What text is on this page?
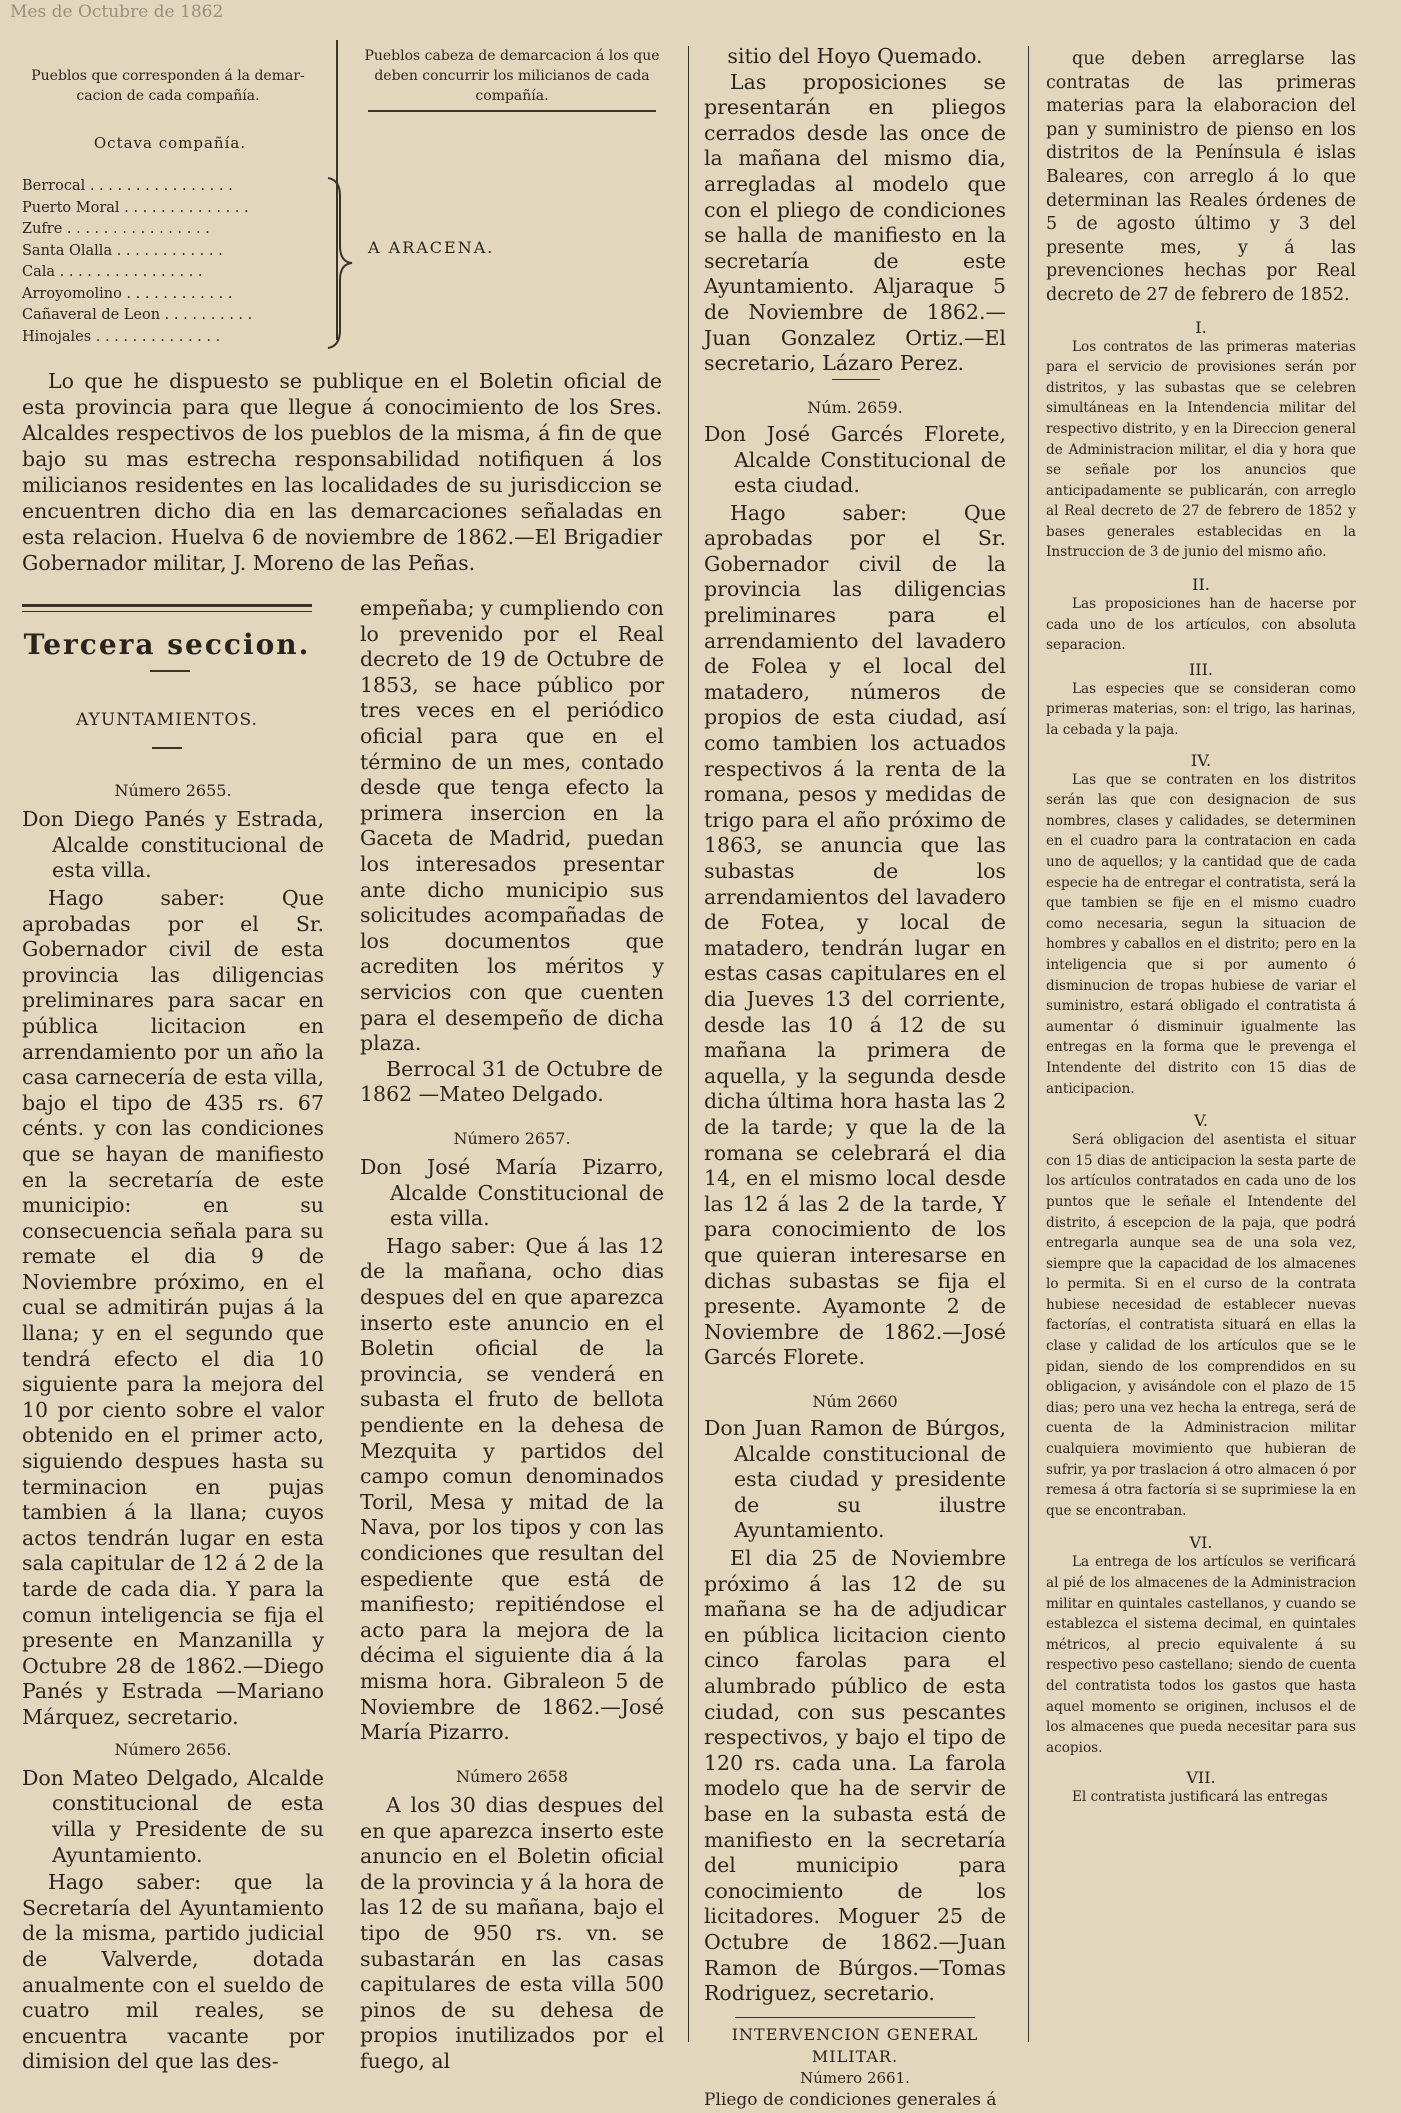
Mes de Octubre de 1862
Pueblos que corresponden á la demar-cacion de cada compañía.
Pueblos cabeza de demarcacion á los que deben concurrir los milicianos de cada compañía.
Octava compañía.
Berrocal . . . . . . . . . . . . . . . .
Puerto Moral . . . . . . . . . . . . . .
Zufre . . . . . . . . . . . . . . . .
Santa Olalla . . . . . . . . . . . .
Cala . . . . . . . . . . . . . . . .
Arroyomolino . . . . . . . . . . . .
Cañaveral de Leon . . . . . . . . . .
Hinojales . . . . . . . . . . . . . .
A ARACENA.
Lo que he dispuesto se publique en el Boletin oficial de esta provincia para que llegue á conocimiento de los Sres. Alcaldes respectivos de los pueblos de la misma, á fin de que bajo su mas estrecha responsabilidad notifiquen á los milicianos residentes en las localidades de su jurisdiccion se encuentren dicho dia en las demarcaciones señaladas en esta relacion. Huelva 6 de noviembre de 1862.—El Brigadier Gobernador militar, J. Moreno de las Peñas.
Tercera seccion.
AYUNTAMIENTOS.
Número 2655.
Don Diego Panés y Estrada, Alcalde constitucional de esta villa.
Hago saber: Que aprobadas por el Sr. Gobernador civil de esta provincia las diligencias preliminares para sacar en pública licitacion en arrendamiento por un año la casa carnecería de esta villa, bajo el tipo de 435 rs. 67 cénts. y con las condiciones que se hayan de manifiesto en la secretaría de este municipio: en su consecuencia señala para su remate el dia 9 de Noviembre próximo, en el cual se admitirán pujas á la llana; y en el segundo que tendrá efecto el dia 10 siguiente para la mejora del 10 por ciento sobre el valor obtenido en el primer acto, siguiendo despues hasta su terminacion en pujas tambien á la llana; cuyos actos tendrán lugar en esta sala capitular de 12 á 2 de la tarde de cada dia. Y para la comun inteligencia se fija el presente en Manzanilla y Octubre 28 de 1862.—Diego Panés y Estrada —Mariano Márquez, secretario.
Número 2656.
Don Mateo Delgado, Alcalde constitucional de esta villa y Presidente de su Ayuntamiento.
Hago saber: que la Secretaría del Ayuntamiento de la misma, partido judicial de Valverde, dotada anualmente con el sueldo de cuatro mil reales, se encuentra vacante por dimision del que las des-
empeñaba; y cumpliendo con lo prevenido por el Real decreto de 19 de Octubre de 1853, se hace público por tres veces en el periódico oficial para que en el término de un mes, contado desde que tenga efecto la primera insercion en la Gaceta de Madrid, puedan los interesados presentar ante dicho municipio sus solicitudes acompañadas de los documentos que acrediten los méritos y servicios con que cuenten para el desempeño de dicha plaza.
Berrocal 31 de Octubre de 1862 —Mateo Delgado.
Número 2657.
Don José María Pizarro, Alcalde Constitucional de esta villa.
Hago saber: Que á las 12 de la mañana, ocho dias despues del en que aparezca inserto este anuncio en el Boletin oficial de la provincia, se venderá en subasta el fruto de bellota pendiente en la dehesa de Mezquita y partidos del campo comun denominados Toril, Mesa y mitad de la Nava, por los tipos y con las condiciones que resultan del espediente que está de manifiesto; repitiéndose el acto para la mejora de la décima el siguiente dia á la misma hora. Gibraleon 5 de Noviembre de 1862.—José María Pizarro.
Número 2658
A los 30 dias despues del en que aparezca inserto este anuncio en el Boletin oficial de la provincia y á la hora de las 12 de su mañana, bajo el tipo de 950 rs. vn. se subastarán en las casas capitulares de esta villa 500 pinos de su dehesa de propios inutilizados por el fuego, al
sitio del Hoyo Quemado.
Las proposiciones se presentarán en pliegos cerrados desde las once de la mañana del mismo dia, arregladas al modelo que con el pliego de condiciones se halla de manifiesto en la secretaría de este Ayuntamiento. Aljaraque 5 de Noviembre de 1862.—Juan Gonzalez Ortiz.—El secretario, Lázaro Perez.
Núm. 2659.
Don José Garcés Florete, Alcalde Constitucional de esta ciudad.
Hago saber: Que aprobadas por el Sr. Gobernador civil de la provincia las diligencias preliminares para el arrendamiento del lavadero de Folea y el local del matadero, números de propios de esta ciudad, así como tambien los actuados respectivos á la renta de la romana, pesos y medidas de trigo para el año próximo de 1863, se anuncia que las subastas de los arrendamientos del lavadero de Fotea, y local de matadero, tendrán lugar en estas casas capitulares en el dia Jueves 13 del corriente, desde las 10 á 12 de su mañana la primera de aquella, y la segunda desde dicha última hora hasta las 2 de la tarde; y que la de la romana se celebrará el dia 14, en el mismo local desde las 12 á las 2 de la tarde, Y para conocimiento de los que quieran interesarse en dichas subastas se fija el presente. Ayamonte 2 de Noviembre de 1862.—José Garcés Florete.
Núm 2660
Don Juan Ramon de Búrgos, Alcalde constitucional de esta ciudad y presidente de su ilustre Ayuntamiento.
El dia 25 de Noviembre próximo á las 12 de su mañana se ha de adjudicar en pública licitacion ciento cinco farolas para el alumbrado público de esta ciudad, con sus pescantes respectivos, y bajo el tipo de 120 rs. cada una. La farola modelo que ha de servir de base en la subasta está de manifiesto en la secretaría del municipio para conocimiento de los licitadores. Moguer 25 de Octubre de 1862.—Juan Ramon de Búrgos.—Tomas Rodriguez, secretario.
INTERVENCION GENERAL MILITAR.
Número 2661.
Pliego de condiciones generales á
que deben arreglarse las contratas de las primeras materias para la elaboracion del pan y suministro de pienso en los distritos de la Península é islas Baleares, con arreglo á lo que determinan las Reales órdenes de 5 de agosto último y 3 del presente mes, y á las prevenciones hechas por Real decreto de 27 de febrero de 1852.
I.
Los contratos de las primeras materias para el servicio de provisiones serán por distritos, y las subastas que se celebren simultáneas en la Intendencia militar del respectivo distrito, y en la Direccion general de Administracion militar, el dia y hora que se señale por los anuncios que anticipadamente se publicarán, con arreglo al Real decreto de 27 de febrero de 1852 y bases generales establecidas en la Instruccion de 3 de junio del mismo año.
II.
Las proposiciones han de hacerse por cada uno de los artículos, con absoluta separacion.
III.
Las especies que se consideran como primeras materias, son: el trigo, las harinas, la cebada y la paja.
IV.
Las que se contraten en los distritos serán las que con designacion de sus nombres, clases y calidades, se determinen en el cuadro para la contratacion en cada uno de aquellos; y la cantidad que de cada especie ha de entregar el contratista, será la que tambien se fije en el mismo cuadro como necesaria, segun la situacion de hombres y caballos en el distrito; pero en la inteligencia que si por aumento ó disminucion de tropas hubiese de variar el suministro, estará obligado el contratista á aumentar ó disminuir igualmente las entregas en la forma que le prevenga el Intendente del distrito con 15 dias de anticipacion.
V.
Será obligacion del asentista el situar con 15 dias de anticipacion la sesta parte de los artículos contratados en cada uno de los puntos que le señale el Intendente del distrito, á escepcion de la paja, que podrá entregarla aunque sea de una sola vez, siempre que la capacidad de los almacenes lo permita. Si en el curso de la contrata hubiese necesidad de establecer nuevas factorías, el contratista situará en ellas la clase y calidad de los artículos que se le pidan, siendo de los comprendidos en su obligacion, y avisándole con el plazo de 15 dias; pero una vez hecha la entrega, será de cuenta de la Administracion militar cualquiera movimiento que hubieran de sufrir, ya por traslacion á otro almacen ó por remesa á otra factoría si se suprimiese la en que se encontraban.
VI.
La entrega de los artículos se verificará al pié de los almacenes de la Administracion militar en quintales castellanos, y cuando se establezca el sistema decimal, en quintales métricos, al precio equivalente á su respectivo peso castellano; siendo de cuenta del contratista todos los gastos que hasta aquel momento se originen, inclusos el de los almacenes que pueda necesitar para sus acopios.
VII.
El contratista justificará las entregas
